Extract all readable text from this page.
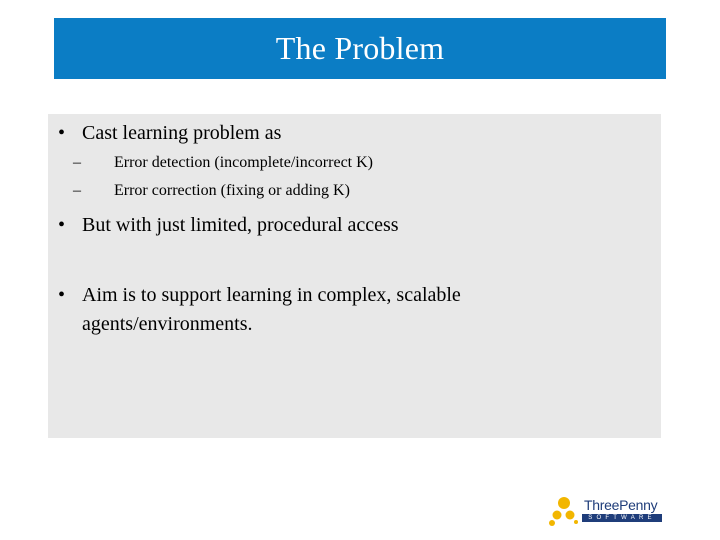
The Problem
• Cast learning problem as
– Error detection (incomplete/incorrect K)
– Error correction (fixing or adding K)
• But with just limited, procedural access
• Aim is to support learning in complex, scalable agents/environments.
ThreePenny
SOFTWARE
